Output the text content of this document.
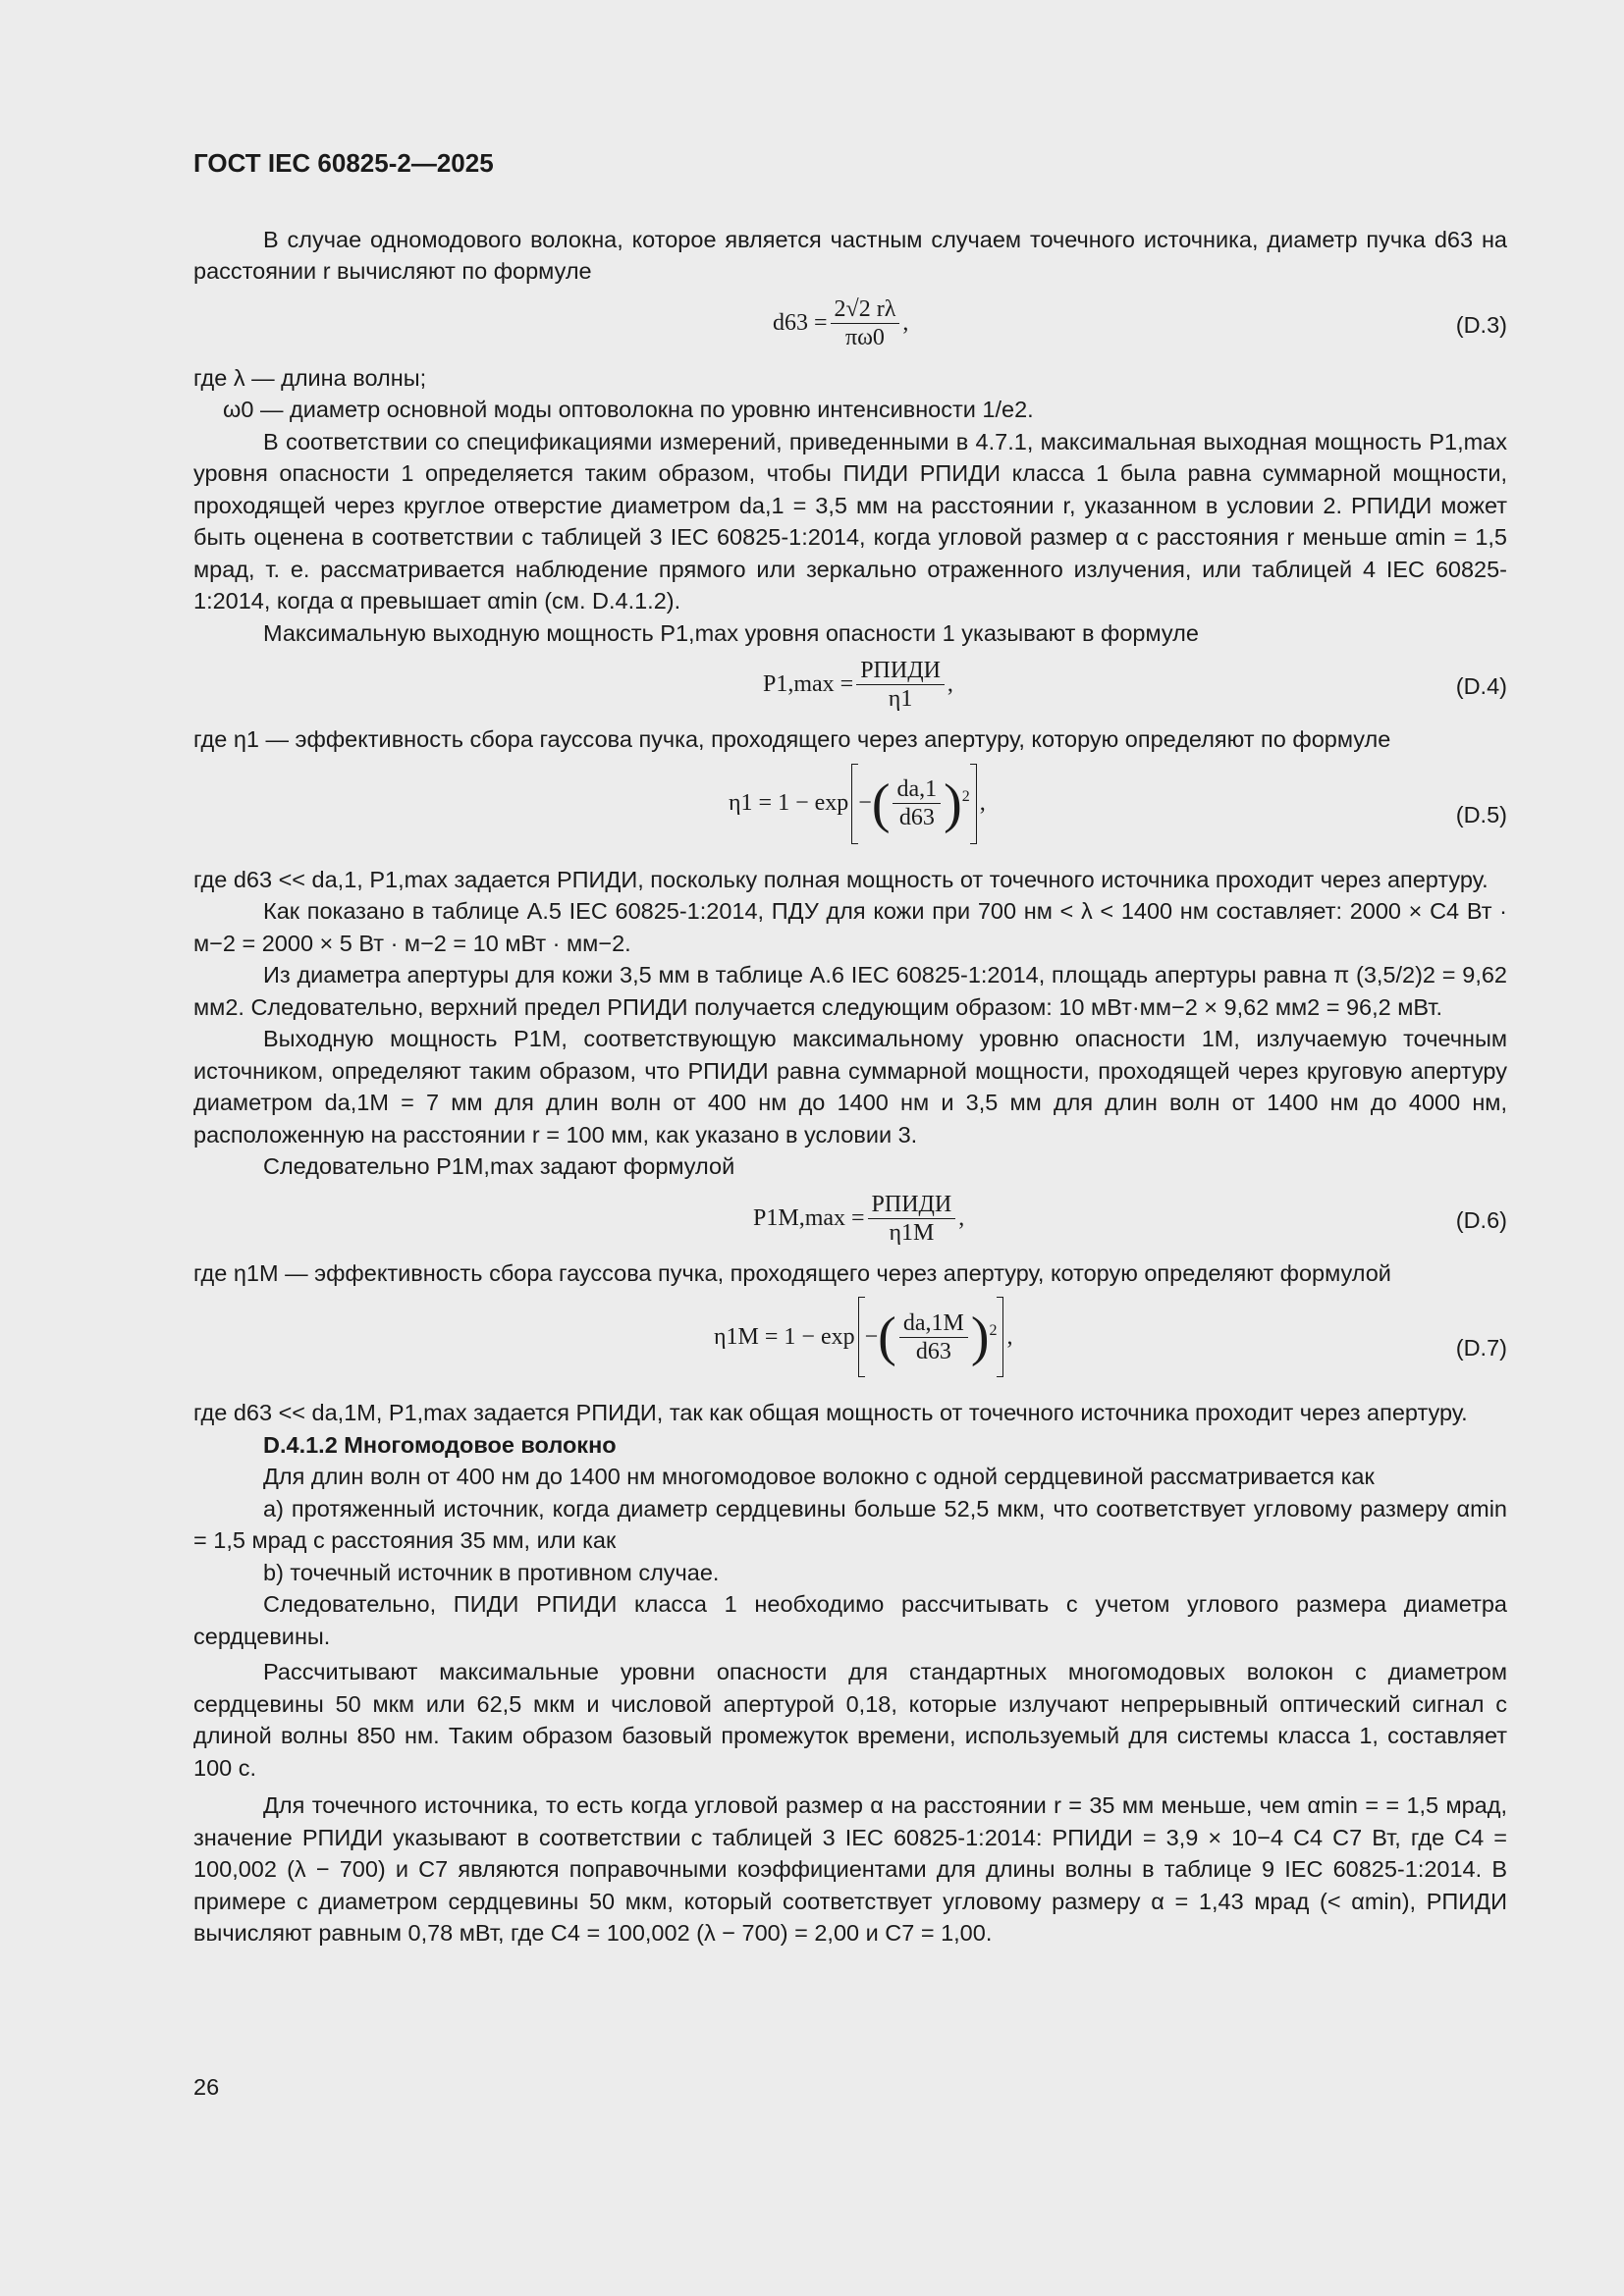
ГОСТ IEC 60825-2—2025

В случае одномодового волокна, которое является частным случаем точечного источника, диаметр пучка d63 на расстоянии r вычисляют по формуле

$d63 = \frac{2√2 r\lambda}{\pi\omega 0}$ ,	(D.3)

где λ — длина волны;

ω0 — диаметр основной моды оптоволокна по уровню интенсивности 1/e2.

В соответствии со спецификациями измерений, приведенными в 4.7.1, максимальная выходная мощность P1,max уровня опасности 1 определяется таким образом, чтобы ПИДИ PПИДИ класса 1 была равна суммарной мощности, проходящей через круглое отверстие диаметром da,1 = 3,5 мм на расстоянии r, указанном в условии 2. PПИДИ может быть оценена в соответствии с таблицей 3 IEC 60825-1:2014, когда угловой размер α с расстояния r меньше αmin = 1,5 мрад, т. е. рассматривается наблюдение прямого или зеркально отраженного излучения, или таблицей 4 IEC 60825-1:2014, когда α превышает αmin (см. D.4.1.2).

Максимальную выходную мощность P1,max уровня опасности 1 указывают в формуле

$P1,\max = \frac{\text{PПИДИ}}{\eta 1}$ ,	(D.4)

где η1 — эффективность сбора гауссова пучка, проходящего через апертуру, которую определяют по формуле

η1 = 1 − exp − ( $\frac{da,1}{d63}$ ) 2 ,	(D.5)

где d63 << da,1, P1,max задается PПИДИ, поскольку полная мощность от точечного источника проходит через апертуру.

Как показано в таблице А.5 IEC 60825-1:2014, ПДУ для кожи при 700 нм < λ < 1400 нм составляет: 2000 × C4 Вт · м−2 = 2000 × 5 Вт · м−2 = 10 мВт · мм−2.

Из диаметра апертуры для кожи 3,5 мм в таблице А.6 IEC 60825-1:2014, площадь апертуры равна π (3,5/2)2 = 9,62 мм2. Следовательно, верхний предел PПИДИ получается следующим образом: 10 мВт·мм−2 × 9,62 мм2 = 96,2 мВт.

Выходную мощность P1M, соответствующую максимальному уровню опасности 1M, излучаемую точечным источником, определяют таким образом, что PПИДИ равна суммарной мощности, проходящей через круговую апертуру диаметром da,1M = 7 мм для длин волн от 400 нм до 1400 нм и 3,5 мм для длин волн от 1400 нм до 4000 нм, расположенную на расстоянии r = 100 мм, как указано в условии 3.

Следовательно P1M,max задают формулой

$P1M,\max = \frac{\text{PПИДИ}}{\eta 1M}$ ,	(D.6)

где η1M — эффективность сбора гауссова пучка, проходящего через апертуру, которую определяют формулой

η1M = 1 − exp − ( $\frac{da,1M}{d63}$ ) 2 ,	(D.7)

где d63 << da,1M, P1,max задается PПИДИ, так как общая мощность от точечного источника проходит через апертуру.

D.4.1.2 Многомодовое волокно

Для длин волн от 400 нм до 1400 нм многомодовое волокно с одной сердцевиной рассматривается как

a) протяженный источник, когда диаметр сердцевины больше 52,5 мкм, что соответствует угловому размеру αmin = 1,5 мрад с расстояния 35 мм, или как

b) точечный источник в противном случае.

Следовательно, ПИДИ PПИДИ класса 1 необходимо рассчитывать с учетом углового размера диаметра сердцевины.

Рассчитывают максимальные уровни опасности для стандартных многомодовых волокон с диаметром сердцевины 50 мкм или 62,5 мкм и числовой апертурой 0,18, которые излучают непрерывный оптический сигнал с длиной волны 850 нм. Таким образом базовый промежуток времени, используемый для системы класса 1, составляет 100 с.

Для точечного источника, то есть когда угловой размер α на расстоянии r = 35 мм меньше, чем αmin = = 1,5 мрад, значение PПИДИ указывают в соответствии с таблицей 3 IEC 60825-1:2014: PПИДИ = 3,9 × 10−4 C4 C7 Вт, где C4 = 100,002 (λ − 700) и C7 являются поправочными коэффициентами для длины волны в таблице 9 IEC 60825-1:2014. В примере с диаметром сердцевины 50 мкм, который соответствует угловому размеру α = 1,43 мрад (< αmin), PПИДИ вычисляют равным 0,78 мВт, где C4 = 100,002 (λ − 700) = 2,00 и C7 = 1,00.

26
